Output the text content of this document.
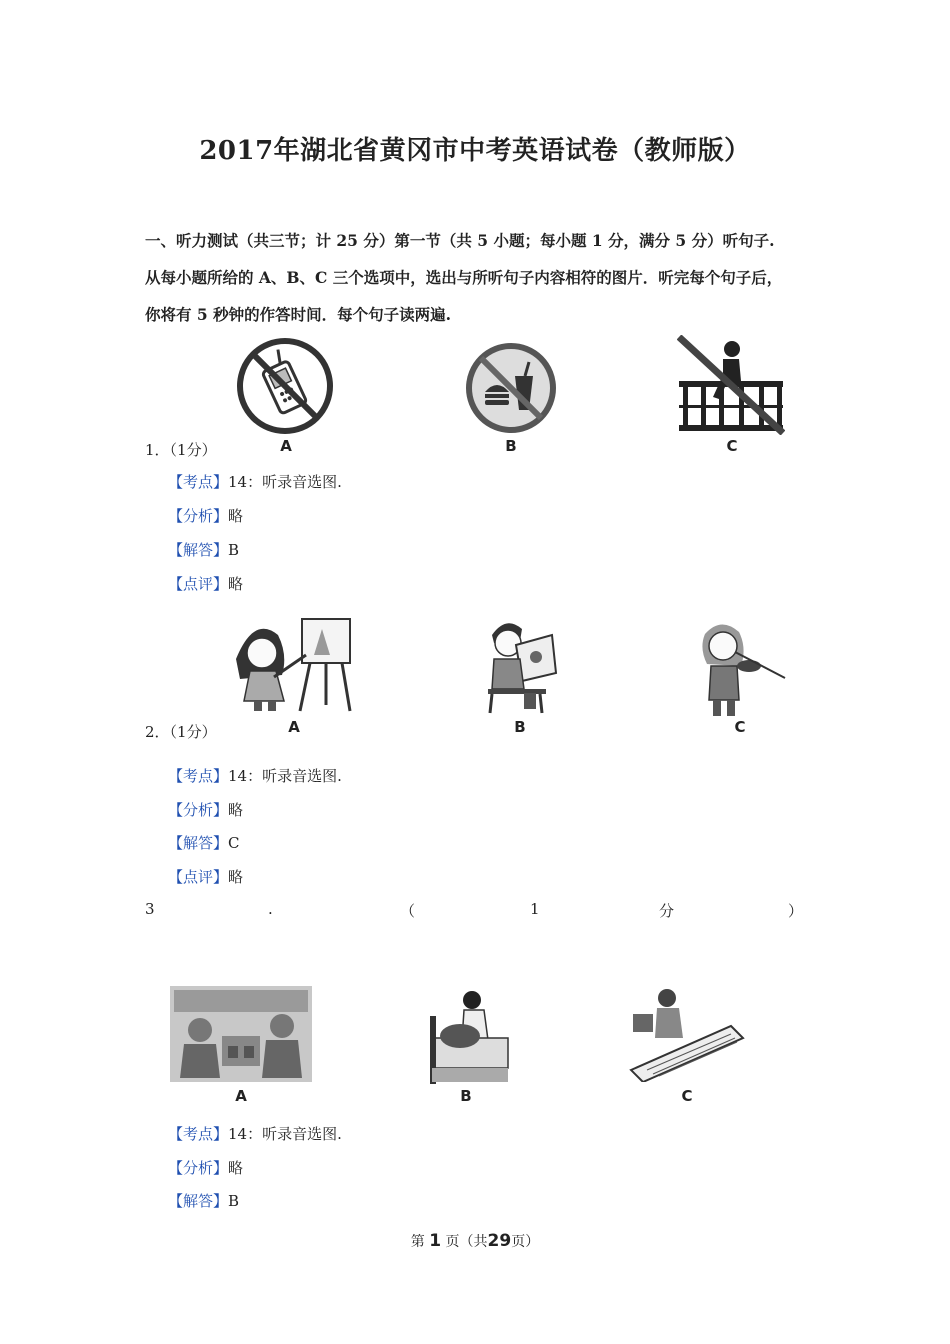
2017年湖北省黄冈市中考英语试卷（教师版）
一、听力测试（共三节；计 25 分）第一节（共 5 小题；每小题 1 分，满分 5 分）听句子.
从每小题所给的 A、B、C 三个选项中，选出与所听句子内容相符的图片．听完每个句子后，
你将有 5 秒钟的作答时间．每个句子读两遍.
A	B	C
1．（1分）
【考点】14：听录音选图.
【分析】略
【解答】B
【点评】略
A	B	C
2．（1分）
【考点】14：听录音选图.
【分析】略
【解答】C
【点评】略
3	.	（	1	分	）
A	B	C
【考点】14：听录音选图.
【分析】略
【解答】B
第 1 页（共29页）
